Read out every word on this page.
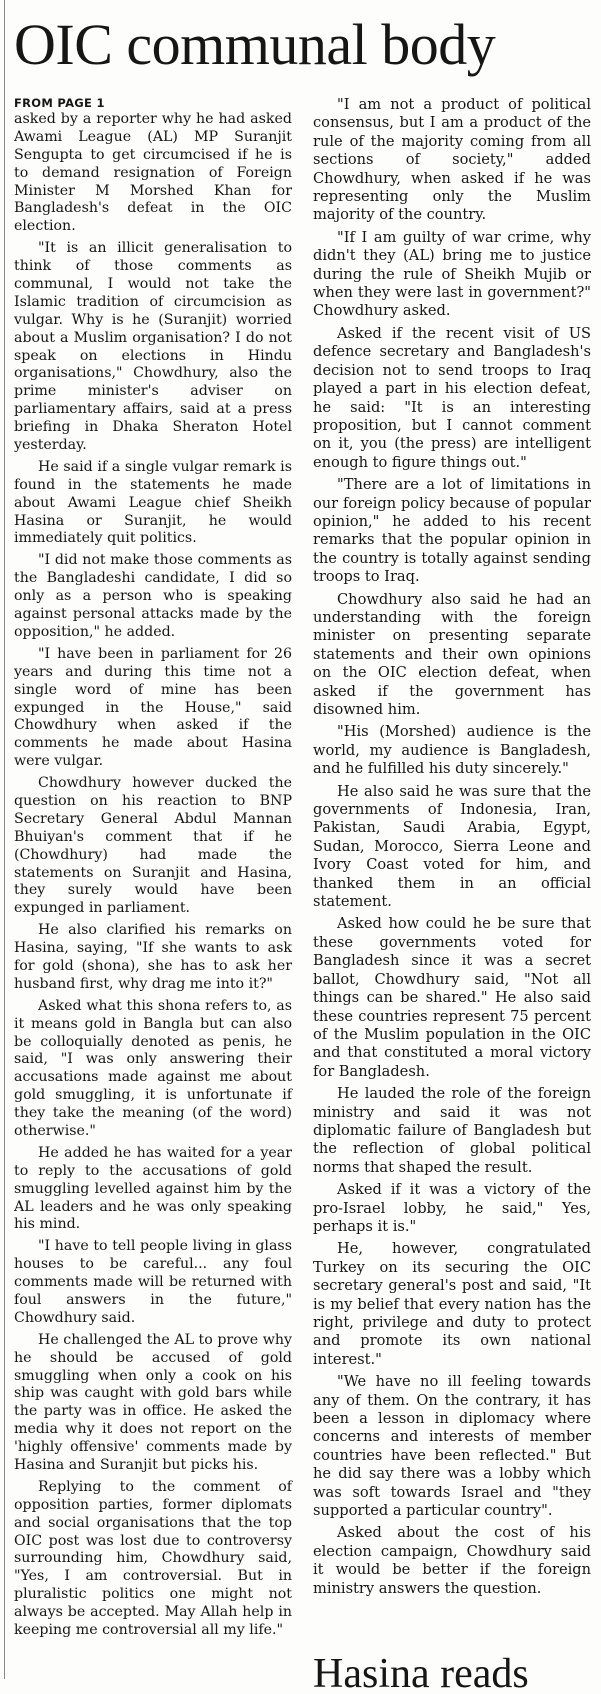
OIC communal body

FROM PAGE 1
asked by a reporter why he had asked Awami League (AL) MP Suranjit Sengupta to get circumcised if he is to demand resignation of Foreign Minister M Morshed Khan for Bangladesh's defeat in the OIC election.

"It is an illicit generalisation to think of those comments as communal, I would not take the Islamic tradition of circumcision as vulgar. Why is he (Suranjit) worried about a Muslim organisation? I do not speak on elections in Hindu organisations," Chowdhury, also the prime minister's adviser on parliamentary affairs, said at a press briefing in Dhaka Sheraton Hotel yesterday.

He said if a single vulgar remark is found in the statements he made about Awami League chief Sheikh Hasina or Suranjit, he would immediately quit politics.

"I did not make those comments as the Bangladeshi candidate, I did so only as a person who is speaking against personal attacks made by the opposition," he added.

"I have been in parliament for 26 years and during this time not a single word of mine has been expunged in the House," said Chowdhury when asked if the comments he made about Hasina were vulgar.

Chowdhury however ducked the question on his reaction to BNP Secretary General Abdul Mannan Bhuiyan's comment that if he (Chowdhury) had made the statements on Suranjit and Hasina, they surely would have been expunged in parliament.

He also clarified his remarks on Hasina, saying, "If she wants to ask for gold (shona), she has to ask her husband first, why drag me into it?"

Asked what this shona refers to, as it means gold in Bangla but can also be colloquially denoted as penis, he said, "I was only answering their accusations made against me about gold smuggling, it is unfortunate if they take the meaning (of the word) otherwise."

He added he has waited for a year to reply to the accusations of gold smuggling levelled against him by the AL leaders and he was only speaking his mind.

"I have to tell people living in glass houses to be careful... any foul comments made will be returned with foul answers in the future," Chowdhury said.

He challenged the AL to prove why he should be accused of gold smuggling when only a cook on his ship was caught with gold bars while the party was in office. He asked the media why it does not report on the 'highly offensive' comments made by Hasina and Suranjit but picks his.

Replying to the comment of opposition parties, former diplomats and social organisations that the top OIC post was lost due to controversy surrounding him, Chowdhury said, "Yes, I am controversial. But in pluralistic politics one might not always be accepted. May Allah help in keeping me controversial all my life."

"I am not a product of political consensus, but I am a product of the rule of the majority coming from all sections of society," added Chowdhury, when asked if he was representing only the Muslim majority of the country.

"If I am guilty of war crime, why didn't they (AL) bring me to justice during the rule of Sheikh Mujib or when they were last in government?" Chowdhury asked.

Asked if the recent visit of US defence secretary and Bangladesh's decision not to send troops to Iraq played a part in his election defeat, he said: "It is an interesting proposition, but I cannot comment on it, you (the press) are intelligent enough to figure things out."

"There are a lot of limitations in our foreign policy because of popular opinion," he added to his recent remarks that the popular opinion in the country is totally against sending troops to Iraq.

Chowdhury also said he had an understanding with the foreign minister on presenting separate statements and their own opinions on the OIC election defeat, when asked if the government has disowned him.

"His (Morshed) audience is the world, my audience is Bangladesh, and he fulfilled his duty sincerely."

He also said he was sure that the governments of Indonesia, Iran, Pakistan, Saudi Arabia, Egypt, Sudan, Morocco, Sierra Leone and Ivory Coast voted for him, and thanked them in an official statement.

Asked how could he be sure that these governments voted for Bangladesh since it was a secret ballot, Chowdhury said, "Not all things can be shared." He also said these countries represent 75 percent of the Muslim population in the OIC and that constituted a moral victory for Bangladesh.

He lauded the role of the foreign ministry and said it was not diplomatic failure of Bangladesh but the reflection of global political norms that shaped the result.

Asked if it was a victory of the pro-Israel lobby, he said," Yes, perhaps it is."

He, however, congratulated Turkey on its securing the OIC secretary general's post and said, "It is my belief that every nation has the right, privilege and duty to protect and promote its own national interest."

"We have no ill feeling towards any of them. On the contrary, it has been a lesson in diplomacy where concerns and interests of member countries have been reflected." But he did say there was a lobby which was soft towards Israel and "they supported a particular country".

Asked about the cost of his election campaign, Chowdhury said it would be better if the foreign ministry answers the question.

Hasina reads
